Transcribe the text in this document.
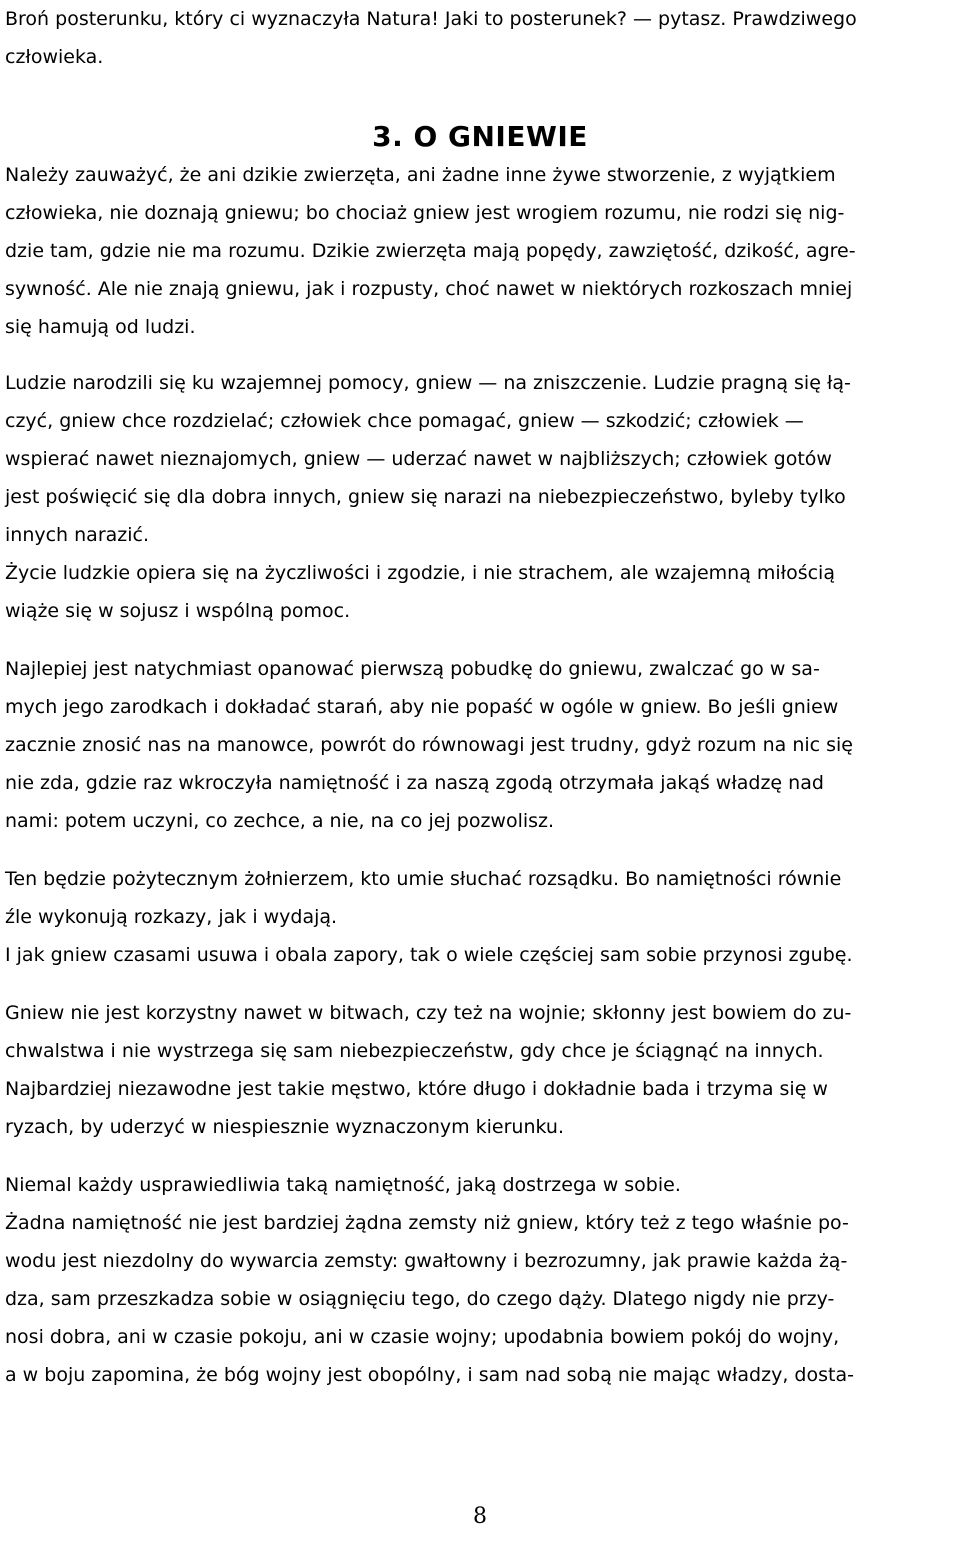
Broń posterunku, który ci wyznaczyła Natura! Jaki to posterunek? — pytasz. Prawdziwego
człowieka.
3. O GNIEWIE
Należy zauważyć, że ani dzikie zwierzęta, ani żadne inne żywe stworzenie, z wyjątkiem
człowieka, nie doznają gniewu; bo chociaż gniew jest wrogiem rozumu, nie rodzi się nig-
dzie tam, gdzie nie ma rozumu. Dzikie zwierzęta mają popędy, zawziętość, dzikość, agre-
sywność. Ale nie znają gniewu, jak i rozpusty, choć nawet w niektórych rozkoszach mniej
się hamują od ludzi.
Ludzie narodzili się ku wzajemnej pomocy, gniew — na zniszczenie. Ludzie pragną się łą-
czyć, gniew chce rozdzielać; człowiek chce pomagać, gniew — szkodzić; człowiek —
wspierać nawet nieznajomych, gniew — uderzać nawet w najbliższych; człowiek gotów
jest poświęcić się dla dobra innych, gniew się narazi na niebezpieczeństwo, byleby tylko
innych narazić.
Życie ludzkie opiera się na życzliwości i zgodzie, i nie strachem, ale wzajemną miłością
wiąże się w sojusz i wspólną pomoc.
Najlepiej jest natychmiast opanować pierwszą pobudkę do gniewu, zwalczać go w sa-
mych jego zarodkach i dokładać starań, aby nie popaść w ogóle w gniew. Bo jeśli gniew
zacznie znosić nas na manowce, powrót do równowagi jest trudny, gdyż rozum na nic się
nie zda, gdzie raz wkroczyła namiętność i za naszą zgodą otrzymała jakąś władzę nad
nami: potem uczyni, co zechce, a nie, na co jej pozwolisz.
Ten będzie pożytecznym żołnierzem, kto umie słuchać rozsądku. Bo namiętności równie
źle wykonują rozkazy, jak i wydają.
I jak gniew czasami usuwa i obala zapory, tak o wiele częściej sam sobie przynosi zgubę.
Gniew nie jest korzystny nawet w bitwach, czy też na wojnie; skłonny jest bowiem do zu-
chwalstwa i nie wystrzega się sam niebezpieczeństw, gdy chce je ściągnąć na innych.
Najbardziej niezawodne jest takie męstwo, które długo i dokładnie bada i trzyma się w
ryzach, by uderzyć w niespiesznie wyznaczonym kierunku.
Niemal każdy usprawiedliwia taką namiętność, jaką dostrzega w sobie.
Żadna namiętność nie jest bardziej żądna zemsty niż gniew, który też z tego właśnie po-
wodu jest niezdolny do wywarcia zemsty: gwałtowny i bezrozumny, jak prawie każda żą-
dza, sam przeszkadza sobie w osiągnięciu tego, do czego dąży. Dlatego nigdy nie przy-
nosi dobra, ani w czasie pokoju, ani w czasie wojny; upodabnia bowiem pokój do wojny,
a w boju zapomina, że bóg wojny jest obopólny, i sam nad sobą nie mając władzy, dosta-
8
